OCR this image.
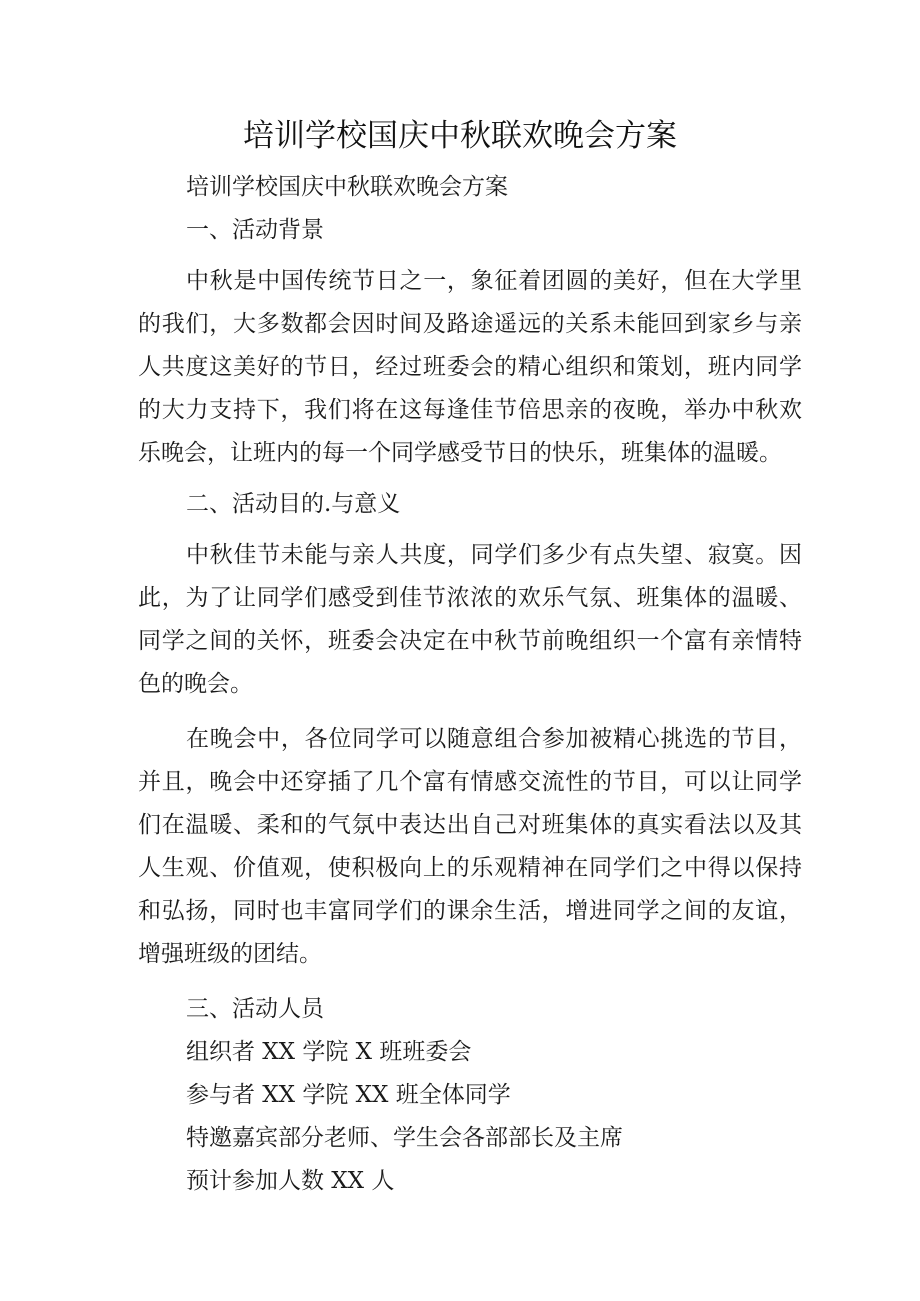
培训学校国庆中秋联欢晚会方案

培训学校国庆中秋联欢晚会方案

一、活动背景

中秋是中国传统节日之一，象征着团圆的美好，但在大学里的我们，大多数都会因时间及路途遥远的关系未能回到家乡与亲人共度这美好的节日，经过班委会的精心组织和策划，班内同学的大力支持下，我们将在这每逢佳节倍思亲的夜晚，举办中秋欢乐晚会，让班内的每一个同学感受节日的快乐，班集体的温暖。

二、活动目的.与意义

中秋佳节未能与亲人共度，同学们多少有点失望、寂寞。因此，为了让同学们感受到佳节浓浓的欢乐气氛、班集体的温暖、同学之间的关怀，班委会决定在中秋节前晚组织一个富有亲情特色的晚会。

在晚会中，各位同学可以随意组合参加被精心挑选的节目，并且，晚会中还穿插了几个富有情感交流性的节目，可以让同学们在温暖、柔和的气氛中表达出自己对班集体的真实看法以及其人生观、价值观，使积极向上的乐观精神在同学们之中得以保持和弘扬，同时也丰富同学们的课余生活，增进同学之间的友谊，增强班级的团结。

三、活动人员

组织者 XX 学院 X 班班委会

参与者 XX 学院 XX 班全体同学

特邀嘉宾部分老师、学生会各部部长及主席

预计参加人数 XX 人
